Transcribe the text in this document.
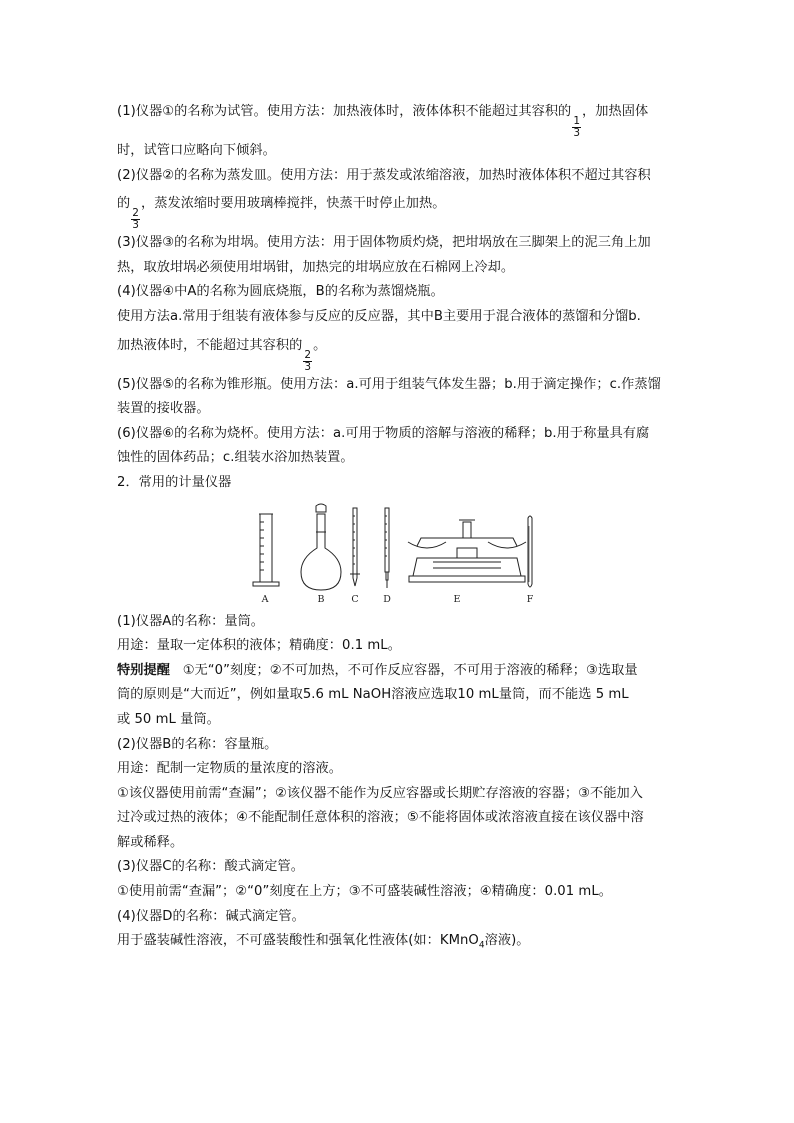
(1)仪器①的名称为试管。使用方法：加热液体时，液体体积不能超过其容积的
$\frac{1}{3}$
，加热固体

时，试管口应略向下倾斜。

(2)仪器②的名称为蒸发皿。使用方法：用于蒸发或浓缩溶液，加热时液体体积不超过其容积

的
$\frac{2}{3}$
，蒸发浓缩时要用玻璃棒搅拌，快蒸干时停止加热。

(3)仪器③的名称为坩埚。使用方法：用于固体物质灼烧，把坩埚放在三脚架上的泥三角上加

热，取放坩埚必须使用坩埚钳，加热完的坩埚应放在石棉网上冷却。

(4)仪器④中A的名称为圆底烧瓶，B的名称为蒸馏烧瓶。

使用方法a.常用于组装有液体参与反应的反应器，其中B主要用于混合液体的蒸馏和分馏b.

加热液体时，不能超过其容积的
$\frac{2}{3}$
。

(5)仪器⑤的名称为锥形瓶。使用方法：a.可用于组装气体发生器；b.用于滴定操作；c.作蒸馏

装置的接收器。

(6)仪器⑥的名称为烧杯。使用方法：a.可用于物质的溶解与溶液的稀释；b.用于称量具有腐

蚀性的固体药品；c.组装水浴加热装置。

2．常用的计量仪器

A	B	C	D	E	F

(1)仪器A的名称：量筒。

用途：量取一定体积的液体；精确度：0.1 mL。

特别提醒 ①无“0”刻度；②不可加热，不可作反应容器，不可用于溶液的稀释；③选取量

筒的原则是“大而近”，例如量取5.6 mL NaOH溶液应选取10 mL量筒，而不能选 5 mL

或 50 mL 量筒。

(2)仪器B的名称：容量瓶。

用途：配制一定物质的量浓度的溶液。

①该仪器使用前需“查漏”；②该仪器不能作为反应容器或长期贮存溶液的容器；③不能加入

过冷或过热的液体；④不能配制任意体积的溶液；⑤不能将固体或浓溶液直接在该仪器中溶

解或稀释。

(3)仪器C的名称：酸式滴定管。

①使用前需“查漏”；②“0”刻度在上方；③不可盛装碱性溶液；④精确度：0.01 mL。

(4)仪器D的名称：碱式滴定管。

用于盛装碱性溶液，不可盛装酸性和强氧化性液体(如：KMnO$_4$溶液)。
